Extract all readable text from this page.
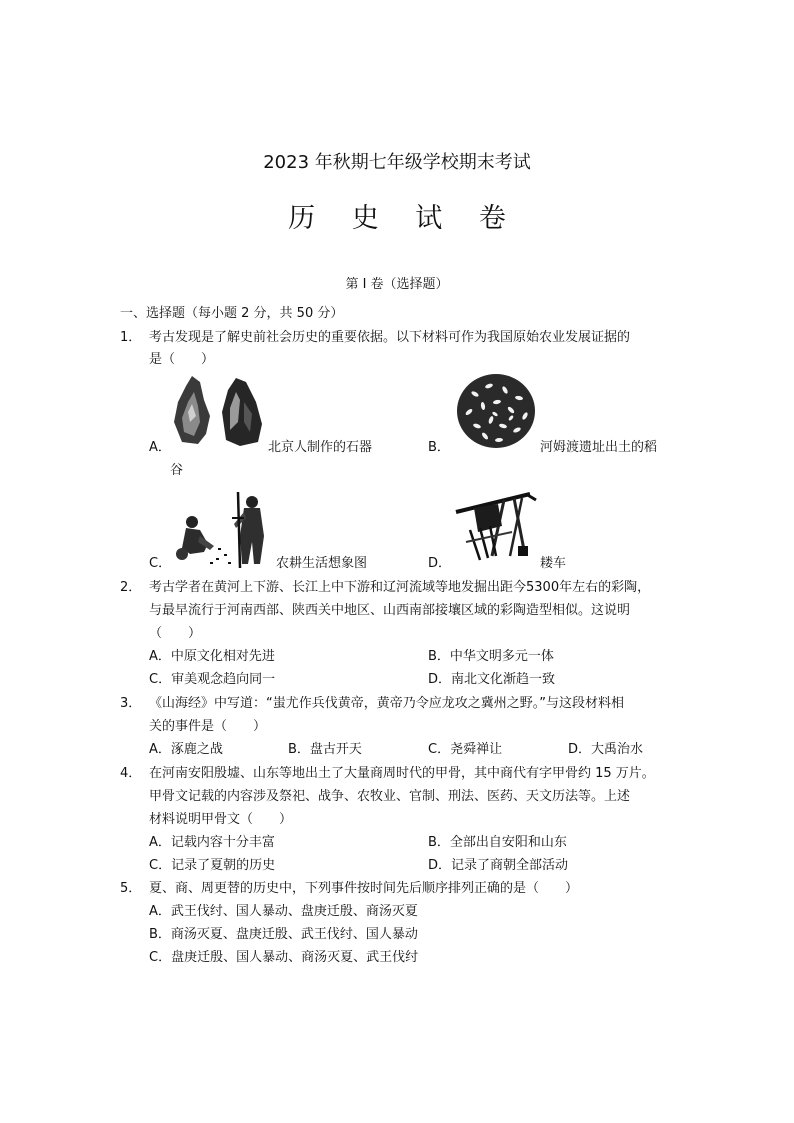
2023 年秋期七年级学校期末考试
历 史 试 卷
第 I 卷（选择题）
一、选择题（每小题 2 分，共 50 分）
1． 考古发现是了解史前社会历史的重要依据。以下材料可作为我国原始农业发展证据的
是（　　）
A．	北京人制作的石器	B．	河姆渡遗址出土的稻
谷
C．	农耕生活想象图	D．	耧车
2． 考古学者在黄河上下游、长江上中下游和辽河流域等地发掘出距今5300年左右的彩陶，
与最早流行于河南西部、陕西关中地区、山西南部接壤区域的彩陶造型相似。这说明
（　　）
A．中原文化相对先进	B．中华文明多元一体
C．审美观念趋向同一	D．南北文化渐趋一致
3． 《山海经》中写道：“蚩尤作兵伐黄帝，黄帝乃令应龙攻之冀州之野。”与这段材料相
关的事件是（　　）
A．涿鹿之战	B．盘古开天	C．尧舜禅让	D．大禹治水
4． 在河南安阳殷墟、山东等地出土了大量商周时代的甲骨，其中商代有字甲骨约 15 万片。
甲骨文记载的内容涉及祭祀、战争、农牧业、官制、刑法、医药、天文历法等。上述
材料说明甲骨文（　　）
A．记载内容十分丰富	B．全部出自安阳和山东
C．记录了夏朝的历史	D．记录了商朝全部活动
5． 夏、商、周更替的历史中，下列事件按时间先后顺序排列正确的是（　　）
A．武王伐纣、国人暴动、盘庚迁殷、商汤灭夏
B．商汤灭夏、盘庚迁殷、武王伐纣、国人暴动
C．盘庚迁殷、国人暴动、商汤灭夏、武王伐纣
